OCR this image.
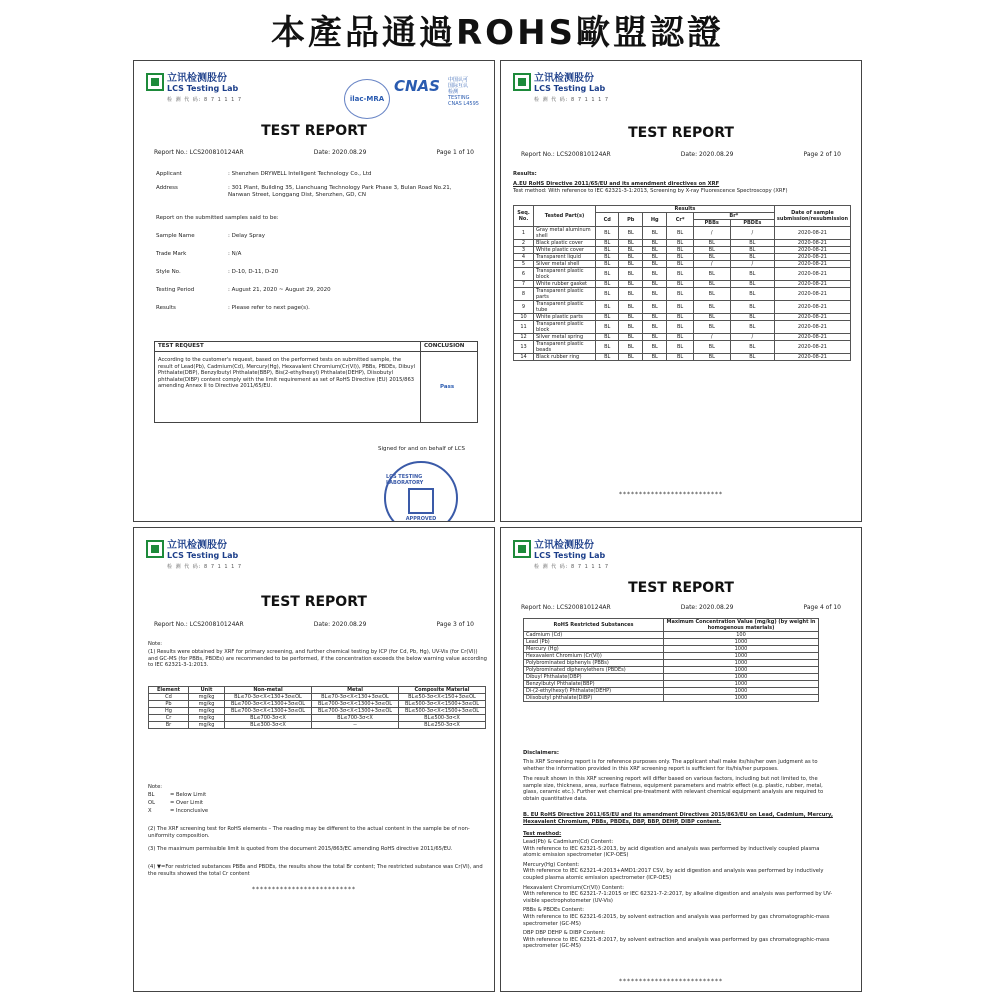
本產品通過ROHS歐盟認證
立讯检测股份
LCS Testing Lab
检 测 代 码: 8 7 1 1 1 7	ilac-MRA
CNAS	中国认可
国际互认
检测
TESTING
CNAS L4595
TEST REPORT
Report No.: LCS200810124AR	Date: 2020.08.29	Page 1 of 10
Applicant	: Shenzhen DRYWELL Intelligent Technology Co., Ltd
Address	: 301 Plant, Building 35, Lianchuang Technology Park Phase 3, Bulan Road No.21, Nanwan Street, Longgang Dist, Shenzhen, GD, CN
Report on the submitted samples said to be:
Sample Name	: Delay Spray
Trade Mark	: N/A
Style No.	: D-10, D-11, D-20
Testing Period	: August 21, 2020 ~ August 29, 2020
Results	: Please refer to next page(s).
TEST REQUEST	CONCLUSION
According to the customer's request, based on the performed tests on submitted sample, the result of Lead(Pb), Cadmium(Cd), Mercury(Hg), Hexavalent Chromium(Cr(VI)), PBBs, PBDEs, Dibuyl Phthalate(DBP), Benzylbutyl Phthalate(BBP), Bis(2-ethylhexyl) Phthalate(DEHP), Diisobutyl phthalate(DIBP) content comply with the limit requirement as set of RoHS Directive (EU) 2015/863 amending Annex II to Directive 2011/65/EU.	Pass
Signed for and on behalf of LCS
LCS TESTING LABORATORY
APPROVED
立讯检测股份
LCS Testing Lab
检 测 代 码: 8 7 1 1 1 7
TEST REPORT
Report No.: LCS200810124AR	Date: 2020.08.29	Page 2 of 10
Results:
A.EU RoHS Directive 2011/65/EU and its amendment directives on XRF
Test method: With reference to IEC 62321-3-1:2013, Screening by X-ray Fluorescence Spectroscopy (XRF)
Seq. No.	Tested Part(s)	Results						Date of sample submission/resubmission
		Cd	Pb	Hg	Cr*	Br*		
						PBBs	PBDEs	
1	Gray metal aluminum shell	BL	BL	BL	BL	/	/	2020-08-21
2	Black plastic cover	BL	BL	BL	BL	BL	BL	2020-08-21
3	White plastic cover	BL	BL	BL	BL	BL	BL	2020-08-21
4	Transparent liquid	BL	BL	BL	BL	BL	BL	2020-08-21
5	Silver metal shell	BL	BL	BL	BL	/	/	2020-08-21
6	Transparent plastic block	BL	BL	BL	BL	BL	BL	2020-08-21
7	White rubber gasket	BL	BL	BL	BL	BL	BL	2020-08-21
8	Transparent plastic parts	BL	BL	BL	BL	BL	BL	2020-08-21
9	Transparent plastic tube	BL	BL	BL	BL	BL	BL	2020-08-21
10	White plastic parts	BL	BL	BL	BL	BL	BL	2020-08-21
11	Transparent plastic block	BL	BL	BL	BL	BL	BL	2020-08-21
12	Silver metal spring	BL	BL	BL	BL	/	/	2020-08-21
13	Transparent plastic beads	BL	BL	BL	BL	BL	BL	2020-08-21
14	Black rubber ring	BL	BL	BL	BL	BL	BL	2020-08-21
**************************
立讯检测股份
LCS Testing Lab
检 测 代 码: 8 7 1 1 1 7
TEST REPORT
Report No.: LCS200810124AR	Date: 2020.08.29	Page 3 of 10
Note:
(1) Results were obtained by XRF for primary screening, and further chemical testing by ICP (for Cd, Pb, Hg), UV-Vis (for Cr(VI)) and GC-MS (for PBBs, PBDEs) are recommended to be performed, if the concentration exceeds the below warning value according to IEC 62321-3-1:2013.
Element	Unit	Non-metal	Metal	Composite Material
Cd	mg/kg	BL≤70-3σ<X<130+3σ≤OL	BL≤70-3σ<X<130+3σ≤OL	BL≤50-3σ<X<150+3σ≤OL
Pb	mg/kg	BL≤700-3σ<X<1300+3σ≤OL	BL≤700-3σ<X<1300+3σ≤OL	BL≤500-3σ<X<1500+3σ≤OL
Hg	mg/kg	BL≤700-3σ<X<1300+3σ≤OL	BL≤700-3σ<X<1300+3σ≤OL	BL≤500-3σ<X<1500+3σ≤OL
Cr	mg/kg	BL≤700-3σ<X	BL≤700-3σ<X	BL≤500-3σ<X
Br	mg/kg	BL≤300-3σ<X	--	BL≤250-3σ<X
Note:
BL	= Below Limit
OL	= Over Limit
X	= Inconclusive
(2) The XRF screening test for RoHS elements – The reading may be different to the actual content in the sample be of non-uniformity composition.
(3) The maximum permissible limit is quoted from the document 2015/863/EC amending RoHS directive 2011/65/EU.
(4) ▼=For restricted substances PBBs and PBDEs, the results show the total Br content; The restricted substance was Cr(VI), and the results showed the total Cr content
**************************
立讯检测股份
LCS Testing Lab
检 测 代 码: 8 7 1 1 1 7
TEST REPORT
Report No.: LCS200810124AR	Date: 2020.08.29	Page 4 of 10
RoHS Restricted Substances	Maximum Concentration Value (mg/kg) (by weight in homogenous materials)
Cadmium (Cd)	100
Lead (Pb)	1000
Mercury (Hg)	1000
Hexavalent Chromium (Cr(VI))	1000
Polybrominated biphenyls (PBBs)	1000
Polybrominated diphenylethers (PBDEs)	1000
Dibuyl Phthalate(DBP)	1000
Benzylbutyl Phthalate(BBP)	1000
Di-(2-ethylhexyl) Phthalate(DEHP)	1000
Diisobutyl phthalate(DIBP)	1000
Disclaimers:
This XRF Screening report is for reference purposes only. The applicant shall make its/his/her own judgment as to whether the information provided in this XRF screening report is sufficient for its/his/her purposes.
The result shown in this XRF screening report will differ based on various factors, including but not limited to, the sample size, thickness, area, surface flatness, equipment parameters and matrix effect (e.g. plastic, rubber, metal, glass, ceramic etc.). Further wet chemical pre-treatment with relevant chemical equipment analysis are required to obtain quantitative data.
B. EU RoHS Directive 2011/65/EU and its amendment Directives 2015/863/EU on Lead, Cadmium, Mercury, Hexavalent Chromium, PBBs, PBDEs, DBP, BBP, DEHP, DIBP content.
Test method:
Lead(Pb) & Cadmium(Cd) Content:
With reference to IEC 62321-5:2013, by acid digestion and analysis was performed by inductively coupled plasma atomic emission spectrometer (ICP-OES)
Mercury(Hg) Content:
With reference to IEC 62321-4:2013+AMD1:2017 CSV, by acid digestion and analysis was performed by inductively coupled plasma atomic emission spectrometer (ICP-OES)
Hexavalent Chromium(Cr(VI)) Content:
With reference to IEC 62321-7-1:2015 or IEC 62321-7-2:2017, by alkaline digestion and analysis was performed by UV-visible spectrophotometer (UV-Vis)
PBBs & PBDEs Content:
With reference to IEC 62321-6:2015, by solvent extraction and analysis was performed by gas chromatographic-mass spectrometer (GC-MS)
DBP DBP DEHP & DIBP Content:
With reference to IEC 62321-8:2017, by solvent extraction and analysis was performed by gas chromatographic-mass spectrometer (GC-MS)
**************************
